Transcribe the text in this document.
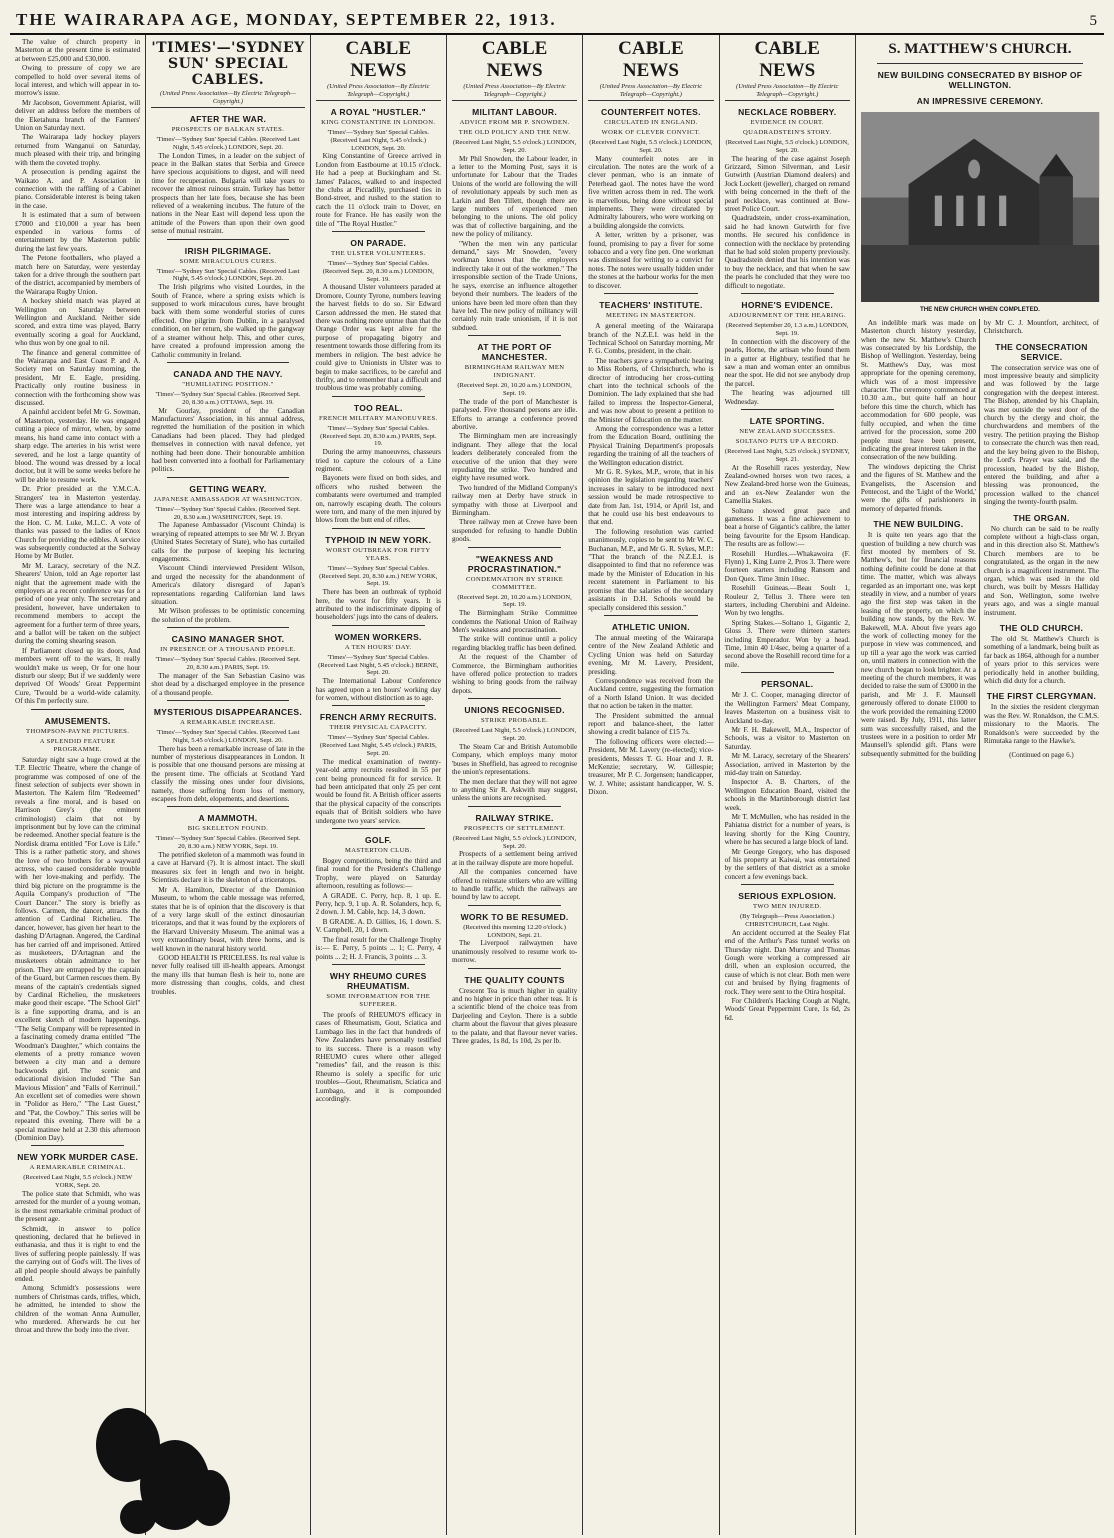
THE WAIRARAPA AGE, MONDAY, SEPTEMBER 22, 1913.	5

The value of church property in Masterton at the present time is estimated at between £25,000 and £30,000.

Owing to pressure of copy we are compelled to hold over several items of local interest, and which will appear in to-morrow's issue.

Mr Jacobson, Government Apiarist, will deliver an address before the members of the Eketahuna branch of the Farmers' Union on Saturday next.

The Wairarapa lady hockey players returned from Wanganui on Saturday, much pleased with their trip, and bringing with them the coveted trophy.

A prosecution is pending against the Waikato A. and P. Association in connection with the raffling of a Cabinet piano. Considerable interest is being taken in the case.

It is estimated that a sum of between £7000 and £10,000 a year has been expended in various forms of entertainment by the Masterton public during the last few years.

The Petone footballers, who played a match here on Saturday, were yesterday taken for a drive through the southern part of the district, accompanied by members of the Wairarapa Rugby Union.

A hockey shield match was played at Wellington on Saturday between Wellington and Auckland. Neither side scored, and extra time was played, Barry eventually scoring a goal for Auckland, who thus won by one goal to nil.

The finance and general committee of the Wairarapa and East Coast P. and A. Society met on Saturday morning, the president, Mr E. Eagle, presiding. Practically only routine business in connection with the forthcoming show was discussed.

A painful accident befel Mr G. Sowman, of Masterton, yesterday. He was engaged cutting a piece of mirror, when, by some means, his hand came into contact with a sharp edge. The arteries in his wrist were severed, and he lost a large quantity of blood. The wound was dressed by a local doctor, but it will be some weeks before he will be able to resume work.

Dr. Prior presided at the Y.M.C.A. Strangers' tea in Masterton yesterday. There was a large attendance to hear a most interesting and inspiring address by the Hon. C. M. Luke, M.L.C. A vote of thanks was passed to the ladies of Knox Church for providing the edibles. A service was subsequently conducted at the Solway Home by Mr Butler.

Mr M. Laracy, secretary of the N.Z. Shearers' Union, told an Age reporter last night that the agreement made with the employers at a recent conference was for a period of one year only. The secretary and president, however, have undertaken to recommend members to accept the agreement for a further term of three years, and a ballot will be taken on the subject during the coming shearing season.

If Parliament closed up its doors, And members went off to the wars, It really wouldn't make us weep, Or for one hour disturb our sleep; But if we suddenly were deprived Of Woods' Great Peppermint Cure, 'Twould be a world-wide calamity. Of this I'm perfectly sure.

AMUSEMENTS.
THOMPSON-PAYNE PICTURES.
A SPLENDID FEATURE PROGRAMME.

Saturday night saw a huge crowd at the T.P. Electric Theatre, where the change of programme was composed of one of the finest selection of subjects ever shown in Masterton. The Kalem film "Redeemed" reveals a fine moral, and is based on Harrison Grey's (the eminent criminologist) claim that not by imprisonment but by love can the criminal be redeemed. Another special feature is the Nordisk drama entitled "For Love is Life." This is a rather pathetic story, and shows the love of two brothers for a wayward actress, who caused considerable trouble with her love-making and perfidy. The third big picture on the programme is the Aquila Company's production of "The Court Dancer." The story is briefly as follows. Carmen, the dancer, attracts the attention of Cardinal Richelieu. The dancer, however, has given her heart to the dashing D'Artagnan. Angered, the Cardinal has her carried off and imprisoned. Attired as musketeers, D'Artagnan and the musketeers obtain admittance to her prison. They are entrapped by the captain of the Guard, but Carmen rescues them. By means of the captain's credentials signed by Cardinal Richelieu, the musketeers make good their escape. "The School Girl" is a fine supporting drama, and is an excellent sketch of modern happenings. "The Selig Company will be represented in a fascinating comedy drama entitled "The Woodman's Daughter," which contains the elements of a pretty romance woven between a city man and a demure backwoods girl. The scenic and educational division included "The San Mavious Mission" and "Falls of Kerrinuil." An excellent set of comedies were shown in "Polidor as Hero," "The Last Guest," and "Pat, the Cowboy." This series will be repeated this evening. There will be a special matinee held at 2.30 this afternoon (Dominion Day).

NEW YORK MURDER CASE.
A REMARKABLE CRIMINAL.
(Received Last Night, 5.5 o'clock.) NEW YORK, Sept. 20.

The police state that Schmidt, who was arrested for the murder of a young woman, is the most remarkable criminal product of the present age.

Schmidt, in answer to police questioning, declared that he believed in euthanasia, and thus it is right to end the lives of suffering people painlessly. If was the carrying out of God's will. The lives of all pled people should always be painfully ended.

Among Schmidt's possessions were numbers of Christmas cards, trifles, which, he admitted, he intended to show the children of the woman Anna Aumuller, who murdered. Afterwards he cut her throat and threw the body into the river.

'TIMES'—'SYDNEY SUN' SPECIAL CABLES.
(United Press Association—By Electric Telegraph—Copyright.)
AFTER THE WAR.
PROSPECTS OF BALKAN STATES.
'Times'—'Sydney Sun' Special Cables. (Received Last Night, 5.45 o'clock.) LONDON, Sept. 20.

The London Times, in a leader on the subject of peace in the Balkan states that Serbia and Greece have specious acquisitions to digest, and will need time for recuperation. Bulgaria will take years to recover the almost ruinous strain. Turkey has better prospects than her late foes, because she has been relieved of a weakening incubus. The future of the nations in the Near East will depend less upon the attitude of the Powers than upon their own good sense of mutual restraint.

IRISH PILGRIMAGE.
SOME MIRACULOUS CURES.
'Times'—'Sydney Sun' Special Cables. (Received Last Night, 5.45 o'clock.) LONDON, Sept. 20.

The Irish pilgrims who visited Lourdes, in the South of France, where a spring exists which is supposed to work miraculous cures, have brought back with them some wonderful stories of cures effected. One pilgrim from Dublin, in a paralysed condition, on her return, she walked up the gangway of a steamer without help. This, and other cures, have created a profound impression among the Catholic community in Ireland.

CANADA AND THE NAVY.
"HUMILIATING POSITION."
'Times'—'Sydney Sun' Special Cables. (Received Sept. 20, 8.30 a.m.) OTTAWA, Sept. 19.

Mr Gourlay, president of the Canadian Manufacturers' Association, in his annual address, regretted the humiliation of the position in which Canadians had been placed. They had pledged themselves in connection with naval defence, yet nothing had been done. Their honourable ambition had been converted into a football for Parliamentary politics.

GETTING WEARY.
JAPANESE AMBASSADOR AT WASHINGTON.
'Times'—'Sydney Sun' Special Cables. (Received Sept. 20, 8.30 a.m.) WASHINGTON, Sept. 19.

The Japanese Ambassador (Viscount Chinda) is wearying of repeated attempts to see Mr W. J. Bryan (United States Secretary of State), who has curtailed calls for the purpose of keeping his lecturing engagements.

Viscount Chindi interviewed President Wilson, and urged the necessity for the abandonment of America's dilatory disregard of Japan's representations regarding Californian land laws situation.

Mr Wilson professes to be optimistic concerning the solution of the problem.

CASINO MANAGER SHOT.
IN PRESENCE OF A THOUSAND PEOPLE.
'Times'—'Sydney Sun' Special Cables. (Received Sept. 20, 8.30 a.m.) PARIS, Sept. 19.

The manager of the San Sebastian Casino was shot dead by a discharged employee in the presence of a thousand people.

MYSTERIOUS DISAPPEARANCES.
A REMARKABLE INCREASE.
'Times'—'Sydney Sun' Special Cables. (Received Last Night, 5.45 o'clock.) LONDON, Sept. 20.

There has been a remarkable increase of late in the number of mysterious disappearances in London. It is possible that one thousand persons are missing at the present time. The officials at Scotland Yard classify the missing ones under four divisions, namely, those suffering from loss of memory, escapees from debt, elopements, and desertions.

A MAMMOTH.
BIG SKELETON FOUND.
'Times'—'Sydney Sun' Special Cables. (Received Sept. 20, 8.30 a.m.) NEW YORK, Sept. 19.

The petrified skeleton of a mammoth was found in a cave at Harvard (?). It is almost intact. The skull measures six feet in length and two in height. Scientists declare it is the skeleton of a triceratops.

Mr A. Hamilton, Director of the Dominion Museum, to whom the cable message was referred, states that he is of opinion that the discovery is that of a very large skull of the extinct dinosaurian triceratops, and that it was found by the explorers of the Harvard University Museum. The animal was a very extraordinary beast, with three horns, and is well known in the natural history world.

GOOD HEALTH IS PRICELESS. Its real value is never fully realised till ill-health appears. Amongst the many ills that human flesh is heir to, none are more distressing than coughs, colds, and chest troubles.

CABLE NEWS
(United Press Association—By Electric Telegraph—Copyright.)
A ROYAL "HUSTLER."
KING CONSTANTINE IN LONDON.
'Times'—'Sydney Sun' Special Cables. (Received Last Night, 5.45 o'clock.) LONDON, Sept. 20.

King Constantine of Greece arrived in London from Eastbourne at 10.15 o'clock. He had a peep at Buckingham and St. James' Palaces, walked to and inspected the clubs at Piccadilly, purchased ties in Bond-street, and rushed to the station to catch the 11 o'clock train to Dover, en route for France. He has easily won the title of "The Royal Hustler."

ON PARADE.
THE ULSTER VOLUNTEERS.
'Times'—'Sydney Sun' Special Cables. (Received Sept. 20, 8.30 a.m.) LONDON, Sept. 19.

A thousand Ulster volunteers paraded at Dromore, County Tyrone, numbers leaving the harvest fields to do so. Sir Edward Carson addressed the men. He stated that there was nothing more untrue than that the Orange Order was kept alive for the purpose of propagating bigotry and resentment towards those differing from its members in religion. The best advice he could give to Unionists in Ulster was to begin to make sacrifices, to be careful and thrifty, and to remember that a difficult and troublous time was probably coming.

TOO REAL.
FRENCH MILITARY MANOEUVRES.
'Times'—'Sydney Sun' Special Cables. (Received Sept. 20, 8.30 a.m.) PARIS, Sept. 19.

During the army manoeuvres, chasseurs tried to capture the colours of a Line regiment.

Bayonets were fixed on both sides, and officers who rushed between the combatants were overturned and trampled on, narrowly escaping death. The colours were torn, and many of the men injured by blows from the butt end of rifles.

TYPHOID IN NEW YORK.
WORST OUTBREAK FOR FIFTY YEARS.
'Times'—'Sydney Sun' Special Cables. (Received Sept. 20, 8.30 a.m.) NEW YORK, Sept. 19.

There has been an outbreak of typhoid here, the worst for fifty years. It is attributed to the indiscriminate dipping of householders' jugs into the cans of dealers.

WOMEN WORKERS.
A TEN HOURS' DAY.
'Times'—'Sydney Sun' Special Cables. (Received Last Night, 5.45 o'clock.) BERNE, Sept. 20.

The International Labour Conference has agreed upon a ten hours' working day for women, without distinction as to age.

FRENCH ARMY RECRUITS.
THEIR PHYSICAL CAPACITY.
'Times'—'Sydney Sun' Special Cables. (Received Last Night, 5.45 o'clock.) PARIS, Sept. 20.

The medical examination of twenty-year-old army recruits resulted in 55 per cent being pronounced fit for service. It had been anticipated that only 25 per cent would be found fit. A British officer asserts that the physical capacity of the conscripts equals that of British soldiers who have undergone two years' service.

GOLF.
MASTERTON CLUB.

Bogey competitions, being the third and final round for the President's Challenge Trophy, were played on Saturday afternoon, resulting as follows:—

A GRADE. C. Perry, hcp. 8, 1 up. E. Perry, hcp. 9, 1 up. A. R. Solanders, hcp. 6, 2 down. J. M. Cable, hcp. 14, 3 down.

B GRADE. A. D. Gillies, 16, 1 down. S. V. Campbell, 20, 1 down.

The final result for the Challenge Trophy is:— E. Perry, 5 points ... 1; C. Perry, 4 points ... 2; H. J. Francis, 3 points ... 3.

WHY RHEUMO CURES RHEUMATISM.
SOME INFORMATION FOR THE SUFFERER.

The proofs of RHEUMO'S efficacy in cases of Rheumatism, Gout, Sciatica and Lumbago lies in the fact that hundreds of New Zealanders have personally testified to its success. There is a reason why RHEUMO cures where other alleged "remedies" fail, and the reason is this: Rheumo is solely a specific for uric troubles—Gout, Rheumatism, Sciatica and Lumbago, and it is compounded accordingly.

CABLE NEWS
(United Press Association—By Electric Telegraph—Copyright.)
MILITANT LABOUR.
ADVICE FROM MR P. SNOWDEN.
THE OLD POLICY AND THE NEW.
(Received Last Night, 5.5 o'clock.) LONDON, Sept. 20.

Mr Phil Snowden, the Labour leader, in a letter to the Morning Post, says it is unfortunate for Labour that the Trades Unions of the world are following the will of revolutionary appeals by such men as Larkin and Ben Tillett, though there are large numbers of experienced men belonging to the unions. The old policy was that of collective bargaining, and the new the policy of militancy.

"When the men win any particular demand," says Mr Snowden, "every workman knows that the employers indirectly take it out of the workmen." The irresponsible section of the Trade Unions, he says, exercise an influence altogether beyond their numbers. The leaders of the unions have been led more often than they have led. The new policy of militancy will certainly ruin trade unionism, if it is not subdued.

AT THE PORT OF MANCHESTER.
BIRMINGHAM RAILWAY MEN INDIGNANT.
(Received Sept. 20, 10.20 a.m.) LONDON, Sept. 19.

The trade of the port of Manchester is paralysed. Five thousand persons are idle. Efforts to arrange a conference proved abortive.

The Birmingham men are increasingly indignant. They allege that the local leaders deliberately concealed from the executive of the union that they were repudiating the strike. Two hundred and eighty have resumed work.

Two hundred of the Midland Company's railway men at Derby have struck in sympathy with those at Liverpool and Birmingham.

Three railway men at Crewe have been suspended for refusing to handle Dublin goods.

"WEAKNESS AND PROCRASTINATION."
CONDEMNATION BY STRIKE COMMITTEE.
(Received Sept. 20, 10.20 a.m.) LONDON, Sept. 19.

The Birmingham Strike Committee condemns the National Union of Railway Men's weakness and procrastination.

The strike will continue until a policy regarding blackleg traffic has been defined.

At the request of the Chamber of Commerce, the Birmingham authorities have offered police protection to traders wishing to bring goods from the railway depots.

UNIONS RECOGNISED.
STRIKE PROBABLE.
(Received Last Night, 5.5 o'clock.) LONDON, Sept. 20.

The Steam Car and British Automobile Company, which employs many motor 'buses in Sheffield, has agreed to recognise the union's representations.

The men declare that they will not agree to anything Sir R. Askwith may suggest, unless the unions are recognised.

RAILWAY STRIKE.
PROSPECTS OF SETTLEMENT.
(Received Last Night, 5.5 o'clock.) LONDON, Sept. 20.

Prospects of a settlement being arrived at in the railway dispute are more hopeful.

All the companies concerned have offered to reinstate strikers who are willing to handle traffic, which the railways are bound by law to accept.

WORK TO BE RESUMED.
(Received this morning 12.20 o'clock.) LONDON, Sept. 21.

The Liverpool railwaymen have unanimously resolved to resume work to-morrow.

THE QUALITY COUNTS

Crescent Tea is much higher in quality and no higher in price than other teas. It is a scientific blend of the choice teas from Darjeeling and Ceylon. There is a subtle charm about the flavour that gives pleasure to the palate, and that flavour never varies. Three grades, 1s 8d, 1s 10d, 2s per lb.

CABLE NEWS
(United Press Association—By Electric Telegraph—Copyright.)
COUNTERFEIT NOTES.
CIRCULATED IN ENGLAND.
WORK OF CLEVER CONVICT.
(Received Last Night, 5.5 o'clock.) LONDON, Sept. 20.

Many counterfeit notes are in circulation. The notes are the work of a clever penman, who is an inmate of Peterhead gaol. The notes have the word five written across them in red. The work is marvellous, being done without special implements. They were circulated by Admiralty labourers, who were working on a building alongside the convicts.

A letter, written by a prisoner, was found, promising to pay a fiver for some tobacco and a very fine pen. One workman was dismissed for writing to a convict for notes. The notes were usually hidden under the stones at the harbour works for the men to discover.

TEACHERS' INSTITUTE.
MEETING IN MASTERTON.

A general meeting of the Wairarapa branch of the N.Z.E.I. was held in the Technical School on Saturday morning, Mr F. G. Combs, president, in the chair.

The teachers gave a sympathetic hearing to Miss Roberts, of Christchurch, who is director of introducing her cross-cutting chart into the technical schools of the Dominion. The lady explained that she had failed to impress the Inspector-General, and was now about to present a petition to the Minister of Education on the matter.

Among the correspondence was a letter from the Education Board, outlining the Physical Training Department's proposals regarding the training of all the teachers of the Wellington education district.

Mr G. R. Sykes, M.P., wrote, that in his opinion the legislation regarding teachers' increases in salary to be introduced next session would be made retrospective to date from Jan. 1st, 1914, or April 1st, and that he could use his best endeavours to that end.

The following resolution was carried unanimously, copies to be sent to Mr W. C. Buchanan, M.P., and Mr G. R. Sykes, M.P.: "That the branch of the N.Z.E.I. is disappointed to find that no reference was made by the Minister of Education in his recent statement in Parliament to his promise that the salaries of the secondary assistants in D.H. Schools would be specially considered this session."

ATHLETIC UNION.

The annual meeting of the Wairarapa centre of the New Zealand Athletic and Cycling Union was held on Saturday evening, Mr M. Lavery, President, presiding.

Correspondence was received from the Auckland centre, suggesting the formation of a North Island Union. It was decided that no action be taken in the matter.

The President submitted the annual report and balance-sheet, the latter showing a credit balance of £15 7s.

The following officers were elected:—President, Mr M. Lavery (re-elected); vice-presidents, Messrs T. G. Hoar and J. R. McKenzie; secretary, W. Gillespie; treasurer, Mr P. C. Jorgensen; handicapper, W. J. White; assistant handicapper, W. S. Dixon.

CABLE NEWS
(United Press Association—By Electric Telegraph—Copyright.)
NECKLACE ROBBERY.
EVIDENCE IN COURT.
QUADRADSTEIN'S STORY.
(Received Last Night, 5.5 o'clock.) LONDON, Sept. 20.

The hearing of the case against Joseph Grizzard, Simon Silverman, and Lesir Gutwirth (Austrian Diamond dealers) and Jock Lockett (jeweller), charged on remand with being concerned in the theft of the pearl necklace, was continued at Bow-street Police Court.

Quadradstein, under cross-examination, said he had known Gutwirth for five months. He secured his confidence in connection with the necklace by pretending that he had sold stolen property previously. Quadradstein denied that his intention was to buy the necklace, and that when he saw the pearls he concluded that they were too difficult to negotiate.

HORNE'S EVIDENCE.
ADJOURNMENT OF THE HEARING.
(Received September 20, 1.3 a.m.) LONDON, Sept. 19.

In connection with the discovery of the pearls, Horne, the artisan who found them in a gutter at Highbury, testified that he saw a man and woman enter an omnibus near the spot. He did not see anybody drop the parcel.

The hearing was adjourned till Wednesday.

LATE SPORTING.
NEW ZEALAND SUCCESSES.
SOLTANO PUTS UP A RECORD.
(Received Last Night, 5.25 o'clock.) SYDNEY, Sept. 21.

At the Rosehill races yesterday, New Zealand-owned horses won two races, a New Zealand-bred horse won the Guineas, and an ex-New Zealander won the Camellia Stakes.

Soltano showed great pace and gameness. It was a fine achievement to beat a horse of Gigantic's calibre, the latter being favourite for the Epsom Handicap. The results are as follow:—

Rosehill Hurdles.—Whakawoira (F. Flynn) 1, King Lurre 2, Pros 3. There were fourteen starters including Ransom and Don Quex. Time 3min 10sec.

Rosehill Guineas.—Beau Soult 1, Rouleur 2, Tellus 3. There were ten starters, including Cherubini and Aldeine. Won by two lengths.

Spring Stakes.—Soltano 1, Gigantic 2, Gloss 3. There were thirteen starters including Emperador. Won by a head. Time, 1min 40 1/4sec, being a quarter of a second above the Rosehill record time for a mile.

PERSONAL.

Mr J. C. Cooper, managing director of the Wellington Farmers' Meat Company, leaves Masterton on a business visit to Auckland to-day.

Mr F. H. Bakewell, M.A., Inspector of Schools, was a visitor to Masterton on Saturday.

Mr M. Laracy, secretary of the Shearers' Association, arrived in Masterton by the mid-day train on Saturday.

Inspector A. B. Charters, of the Wellington Education Board, visited the schools in the Martinborough district last week.

Mr T. McMullen, who has resided in the Pahiatua district for a number of years, is leaving shortly for the King Country, where he has secured a large block of land.

Mr George Gregory, who has disposed of his property at Kaiwai, was entertained by the settlers of that district as a smoke concert a few evenings back.

SERIOUS EXPLOSION.
TWO MEN INJURED.
(By Telegraph—Press Association.) CHRISTCHURCH, Last Night.

An accident occurred at the Sealey Flat end of the Arthur's Pass tunnel works on Thursday night. Dan Murray and Thomas Gough were working a compressed air drill, when an explosion occurred, the cause of which is not clear. Both men were cut and bruised by flying fragments of rock. They were sent to the Otira hospital.

For Children's Hacking Cough at Night, Woods' Great Peppermint Cure, 1s 6d, 2s 6d.

S. MATTHEW'S CHURCH.
NEW BUILDING CONSECRATED BY BISHOP OF WELLINGTON.
AN IMPRESSIVE CEREMONY.
THE NEW CHURCH WHEN COMPLETED.

An indelible mark was made on Masterton church history yesterday, when the new St. Matthew's Church was consecrated by his Lordship, the Bishop of Wellington. Yesterday, being St. Matthew's Day, was most appropriate for the opening ceremony, which was of a most impressive character. The ceremony commenced at 10.30 a.m., but quite half an hour before this time the church, which has accommodation for 600 people, was fully occupied, and when the time arrived for the procession, some 200 people must have been present, indicating the great interest taken in the consecration of the new building.

The windows depicting the Christ and the figures of St. Matthew and the Evangelists, the Ascension and Pentecost, and the 'Light of the World,' were the gifts of parishioners in memory of departed friends.

THE NEW BUILDING.

It is quite ten years ago that the question of building a new church was first mooted by members of St. Matthew's, but for financial reasons nothing definite could be done at that time. The matter, which was always regarded as an important one, was kept steadily in view, and a number of years ago the first step was taken in the leasing of the property, on which the building now stands, by the Rev. W. Bakewell, M.A. About five years ago the work of collecting money for the purpose in view was commenced, and up till a year ago the work was carried on, until matters in connection with the new church began to look brighter. At a meeting of the church members, it was decided to raise the sum of £3000 in the parish, and Mr J. F. Maunsell generously offered to donate £1000 to the work provided the remaining £2000 were raised. By July, 1911, this latter sum was successfully raised, and the trustees were in a position to order Mr Maunsell's splendid gift. Plans were subsequently submitted for the building by Mr C. J. Mountfort, architect, of Christchurch.

THE CONSECRATION SERVICE.

The consecration service was one of most impressive beauty and simplicity and was followed by the large congregation with the deepest interest. The Bishop, attended by his Chaplain, was met outside the west door of the church by the clergy and choir, the churchwardens and members of the vestry. The petition praying the Bishop to consecrate the church was then read, and the key being given to the Bishop, the Lord's Prayer was said, and the procession, headed by the Bishop, entered the building, and after a blessing was pronounced, the procession walked to the chancel singing the twenty-fourth psalm.

THE ORGAN.

No church can be said to be really complete without a high-class organ, and in this direction also St. Matthew's Church members are to be congratulated, as the organ in the new church is a magnificent instrument. The organ, which was used in the old church, was built by Messrs Halliday and Son, Wellington, some twelve years ago, and was a single manual instrument.

THE OLD CHURCH.

The old St. Matthew's Church is something of a landmark, being built as far back as 1864, although for a number of years prior to this services were periodically held in another building, which did duty for a church.

THE FIRST CLERGYMAN.

In the sixties the resident clergyman was the Rev. W. Ronaldson, the C.M.S. missionary to the Maoris. The Ronaldson's were succeeded by the Rimutaka range to the Hawke's.

(Continued on page 6.)
